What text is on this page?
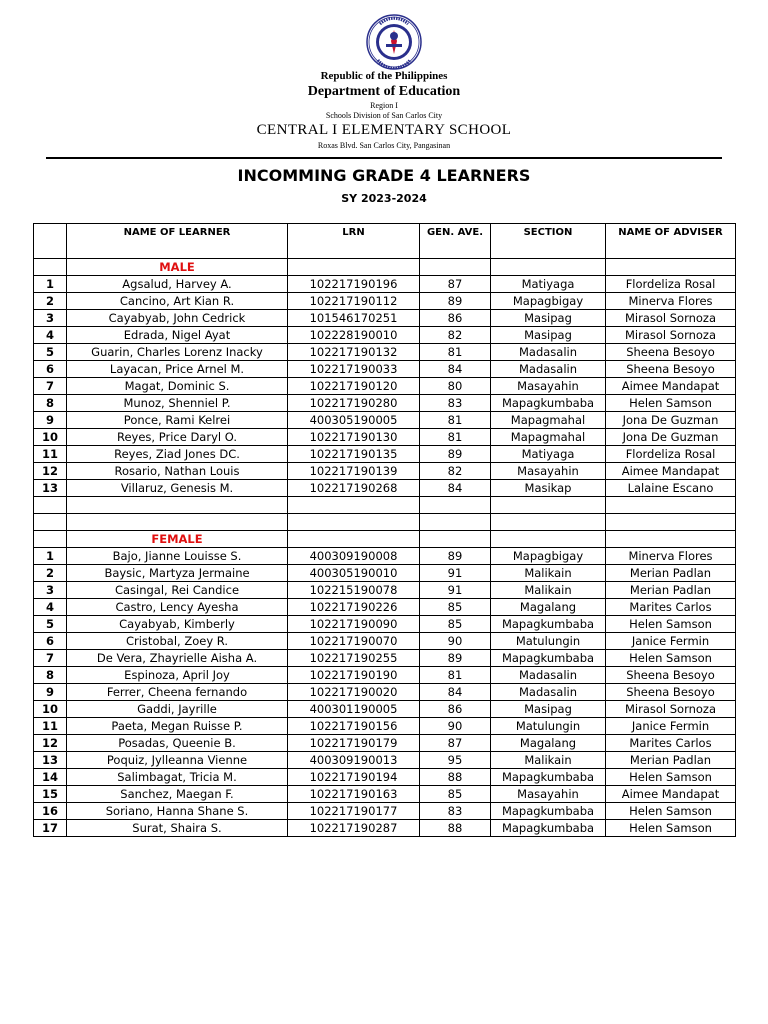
Republic of the Philippines
Department of Education
Region I
Schools Division of San Carlos City
CENTRAL I ELEMENTARY SCHOOL
Roxas Blvd. San Carlos City, Pangasinan
INCOMMING GRADE 4 LEARNERS
SY 2023-2024
	NAME OF LEARNER	LRN	GEN. AVE.	SECTION	NAME OF ADVISER
	MALE				
1	Agsalud, Harvey A.	102217190196	87	Matiyaga	Flordeliza Rosal
2	Cancino, Art Kian R.	102217190112	89	Mapagbigay	Minerva Flores
3	Cayabyab, John Cedrick	101546170251	86	Masipag	Mirasol Sornoza
4	Edrada, Nigel Ayat	102228190010	82	Masipag	Mirasol Sornoza
5	Guarin, Charles Lorenz Inacky	102217190132	81	Madasalin	Sheena Besoyo
6	Layacan, Price Arnel M.	102217190033	84	Madasalin	Sheena Besoyo
7	Magat, Dominic S.	102217190120	80	Masayahin	Aimee Mandapat
8	Munoz, Shenniel P.	102217190280	83	Mapagkumbaba	Helen Samson
9	Ponce, Rami Kelrei	400305190005	81	Mapagmahal	Jona De Guzman
10	Reyes, Price Daryl O.	102217190130	81	Mapagmahal	Jona De Guzman
11	Reyes, Ziad Jones DC.	102217190135	89	Matiyaga	Flordeliza Rosal
12	Rosario, Nathan Louis	102217190139	82	Masayahin	Aimee Mandapat
13	Villaruz, Genesis M.	102217190268	84	Masikap	Lalaine Escano

	FEMALE				
1	Bajo, Jianne Louisse S.	400309190008	89	Mapagbigay	Minerva Flores
2	Baysic, Martyza Jermaine	400305190010	91	Malikain	Merian Padlan
3	Casingal, Rei Candice	102215190078	91	Malikain	Merian Padlan
4	Castro, Lency Ayesha	102217190226	85	Magalang	Marites Carlos
5	Cayabyab, Kimberly	102217190090	85	Mapagkumbaba	Helen Samson
6	Cristobal, Zoey R.	102217190070	90	Matulungin	Janice Fermin
7	De Vera, Zhayrielle Aisha A.	102217190255	89	Mapagkumbaba	Helen Samson
8	Espinoza, April Joy	102217190190	81	Madasalin	Sheena Besoyo
9	Ferrer, Cheena fernando	102217190020	84	Madasalin	Sheena Besoyo
10	Gaddi, Jayrille	400301190005	86	Masipag	Mirasol Sornoza
11	Paeta, Megan Ruisse P.	102217190156	90	Matulungin	Janice Fermin
12	Posadas, Queenie B.	102217190179	87	Magalang	Marites Carlos
13	Poquiz, Jylleanna Vienne	400309190013	95	Malikain	Merian Padlan
14	Salimbagat, Tricia M.	102217190194	88	Mapagkumbaba	Helen Samson
15	Sanchez, Maegan F.	102217190163	85	Masayahin	Aimee Mandapat
16	Soriano, Hanna Shane S.	102217190177	83	Mapagkumbaba	Helen Samson
17	Surat, Shaira S.	102217190287	88	Mapagkumbaba	Helen Samson
